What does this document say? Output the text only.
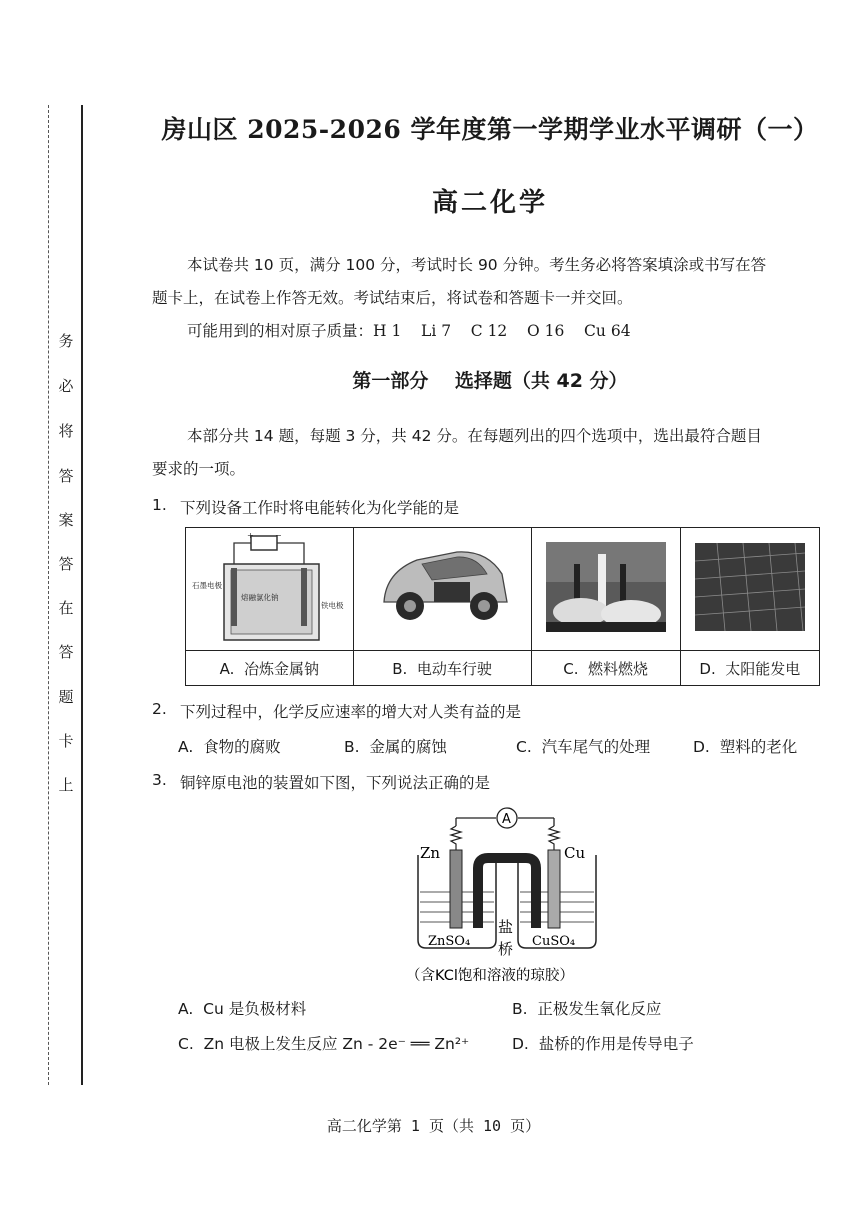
务
必
将
答
案
答
在
答
题
卡
上
房山区 2025-2026 学年度第一学期学业水平调研（一）
高二化学
本试卷共 10 页，满分 100 分，考试时长 90 分钟。考生务必将答案填涂或书写在答
题卡上，在试卷上作答无效。考试结束后，将试卷和答题卡一并交回。
可能用到的相对原子质量：H 1    Li 7    C 12    O 16    Cu 64
第一部分    选择题（共 42 分）
本部分共 14 题，每题 3 分，共 42 分。在每题列出的四个选项中，选出最符合题目
要求的一项。
1. 下列设备工作时将电能转化为化学能的是
+ −
石墨电极
熔融氯化钠
铁电极

A. 冶炼金属钠	B. 电动车行驶	C. 燃料燃烧	D. 太阳能发电
2. 下列过程中，化学反应速率的增大对人类有益的是
A. 食物的腐败	B. 金属的腐蚀	C. 汽车尾气的处理	D. 塑料的老化
3. 铜锌原电池的装置如下图，下列说法正确的是
A
Zn	Cu
盐
桥
ZnSO₄	CuSO₄
（含KCl饱和溶液的琼胶）
A. Cu 是负极材料	B. 正极发生氧化反应
C. Zn 电极上发生反应 Zn - 2e⁻ ══ Zn²⁺	D. 盐桥的作用是传导电子
高二化学第 1 页（共 10 页）
